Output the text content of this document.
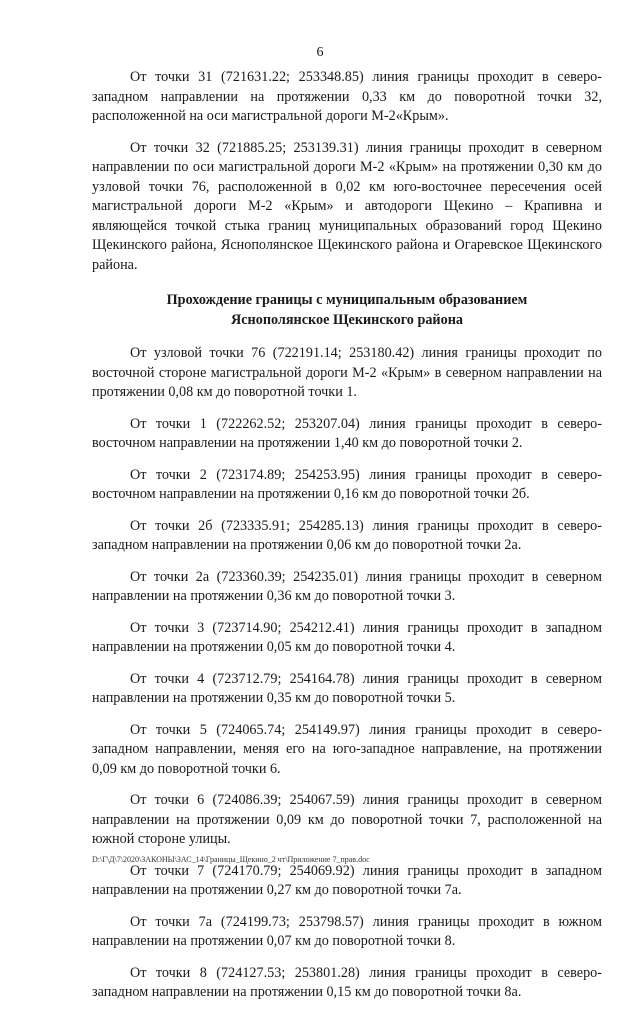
6

От точки 31 (721631.22; 253348.85) линия границы проходит в северо-западном направлении на протяжении 0,33 км до поворотной точки 32, расположенной на оси магистральной дороги М-2«Крым».

От точки 32 (721885.25; 253139.31) линия границы проходит в северном направлении по оси магистральной дороги М-2 «Крым» на протяжении 0,30 км до узловой точки 76, расположенной в 0,02 км юго-восточнее пересечения осей магистральной дороги М-2 «Крым» и автодороги Щекино – Крапивна и являющейся точкой стыка границ муниципальных образований город Щекино Щекинского района, Яснополянское Щекинского района и Огаревское Щекинского района.

Прохождение границы с муниципальным образованием
Яснополянское Щекинского района

От узловой точки 76 (722191.14; 253180.42) линия границы проходит по восточной стороне магистральной дороги М-2 «Крым» в северном направлении на протяжении 0,08 км до поворотной точки 1.

От точки 1 (722262.52; 253207.04) линия границы проходит в северо-восточном направлении на протяжении 1,40 км до поворотной точки 2.

От точки 2 (723174.89; 254253.95) линия границы проходит в северо-восточном направлении на протяжении 0,16 км до поворотной точки 2б.

От точки 2б (723335.91; 254285.13) линия границы проходит в северо-западном направлении на протяжении 0,06 км до поворотной точки 2а.

От точки 2а (723360.39; 254235.01) линия границы проходит в северном направлении на протяжении 0,36 км до поворотной точки 3.

От точки 3 (723714.90; 254212.41) линия границы проходит в западном направлении на протяжении 0,05 км до поворотной точки 4.

От точки 4 (723712.79; 254164.78) линия границы проходит в северном направлении на протяжении 0,35 км до поворотной точки 5.

От точки 5 (724065.74; 254149.97) линия границы проходит в северо-западном направлении, меняя его на юго-западное направление, на протяжении 0,09 км до поворотной точки 6.

От точки 6 (724086.39; 254067.59) линия границы проходит в северном направлении на протяжении 0,09 км до поворотной точки 7, расположенной на южной стороне улицы.

От точки 7 (724170.79; 254069.92) линия границы проходит в западном направлении на протяжении 0,27 км до поворотной точки 7а.

От точки 7а (724199.73; 253798.57) линия границы проходит в южном направлении на протяжении 0,07 км до поворотной точки 8.

От точки 8 (724127.53; 253801.28) линия границы проходит в северо-западном направлении на протяжении 0,15 км до поворотной точки 8а.

D:\Г\Д\7\2020\ЗАКОНЫ\ЗАС_14\Границы_Щекино_2 чт\Приложение 7_прав.doc
